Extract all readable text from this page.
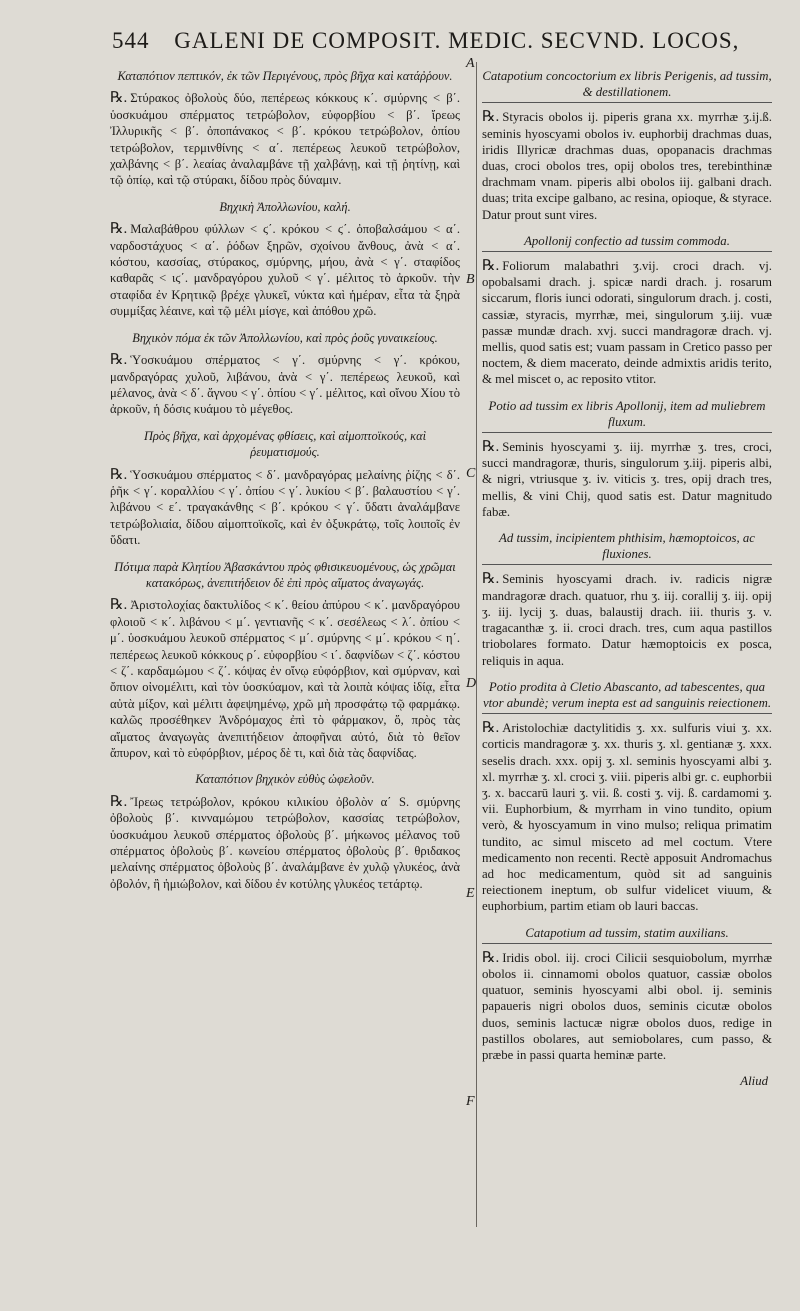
544 GALENI DE COMPOSIT. MEDIC. SECVND. LOCOS,
A
B
C
D
E
F
Καταπότιον πεπτικόν, ἐκ τῶν Περιγένους, πρὸς βῆχα καὶ κατάῤῥουν.
℞. Στύρακος ὀβολοὺς δύο, πεπέρεως κόκκους κ΄. σμύρνης < β΄. ὑοσκυάμου σπέρματος τετρώβολον, εὐφορβίου < β΄. ἴρεως Ἰλλυρικῆς < β΄. ὀποπάνακος < β΄. κρόκου τετρώβολον, ὀπίου τετρώβολον, τερμινθίνης < α΄. πεπέρεως λευκοῦ τετρώβολον, χαλβάνης < β΄. λεαίας ἀναλαμβάνε τῇ χαλβάνῃ, καὶ τῇ ῥητίνῃ, καὶ τῷ ὀπίῳ, καὶ τῷ στύρακι, δίδου πρὸς δύναμιν.
Βηχικὴ Ἀπολλωνίου, καλή.
℞. Μαλαβάθρου φύλλων < ϛ΄. κρόκου < ϛ΄. ὀποβαλσάμου < α΄. ναρδοστάχυος < α΄. ῥόδων ξηρῶν, σχοίνου ἄνθους, ἀνὰ < α΄. κόστου, κασσίας, στύρακος, σμύρνης, μήου, ἀνὰ < γ΄. σταφίδος καθαρᾶς < ιϛ΄. μανδραγόρου χυλοῦ < γ΄. μέλιτος τὸ ἀρκοῦν. τὴν σταφίδα ἐν Κρητικῷ βρέχε γλυκεῖ, νύκτα καὶ ἡμέραν, εἶτα τὰ ξηρὰ συμμίξας λέαινε, καὶ τῷ μέλι μίσγε, καὶ ἀπόθου χρῶ.
Βηχικὸν πόμα ἐκ τῶν Ἀπολλωνίου, καὶ πρὸς ῥοῦς γυναικείους.
℞. Ὑοσκυάμου σπέρματος < γ΄. σμύρνης < γ΄. κρόκου, μανδραγόρας χυλοῦ, λιβάνου, ἀνὰ < γ΄. πεπέρεως λευκοῦ, καὶ μέλανος, ἀνὰ < δ΄. ἄγνου < γ΄. ὀπίου < γ΄. μέλιτος, καὶ οἴνου Χίου τὸ ἀρκοῦν, ἡ δόσις κυάμου τὸ μέγεθος.
Πρὸς βῆχα, καὶ ἀρχομένας φθίσεις, καὶ αἱμοπτοϊκούς, καὶ ῥευματισμούς.
℞. Ὑοσκυάμου σπέρματος < δ΄. μανδραγόρας μελαίνης ῥίζης < δ΄. ῥῆκ < γ΄. κοραλλίου < γ΄. ὀπίου < γ΄. λυκίου < β΄. βαλαυστίου < γ΄. λιβάνου < ε΄. τραγακάνθης < β΄. κρόκου < γ΄. ὕδατι ἀναλάμβανε τετρώβολιαία, δίδου αἱμοπτοϊκοῖς, καὶ ἐν ὀξυκράτῳ, τοῖς λοιποῖς ἐν ὕδατι.
Πότιμα παρὰ Κλητίου Ἀβασκάντου πρὸς φθισικευομένους, ὡς χρῶμαι κατακόρως, ἀνεπιτήδειον δὲ ἐπὶ πρὸς αἵματος ἀναγωγάς.
℞. Ἀριστολοχίας δακτυλίδος < κ΄. θείου ἀπύρου < κ΄. μανδραγόρου φλοιοῦ < κ΄. λιβάνου < μ΄. γεντιανῆς < κ΄. σεσέλεως < λ΄. ὀπίου < μ΄. ὑοσκυάμου λευκοῦ σπέρματος < μ΄. σμύρνης < μ΄. κρόκου < η΄. πεπέρεως λευκοῦ κόκκους ρ΄. εὐφορβίου < ι΄. δαφνίδων < ζ΄. κόστου < ζ΄. καρδαμώμου < ζ΄. κόψας ἐν οἴνῳ εὐφόρβιον, καὶ σμύρναν, καὶ ὄπιον οἰνομέλιτι, καὶ τὸν ὑοσκύαμον, καὶ τὰ λοιπὰ κόψας ἰδίᾳ, εἶτα αὐτὰ μίξον, καὶ μέλιτι ἀφεψημένῳ, χρῶ μὴ προσφάτῳ τῷ φαρμάκῳ. καλῶς προσέθηκεν Ἀνδρόμαχος ἐπὶ τὸ φάρμακον, ὅ, πρὸς τὰς αἵματος ἀναγωγὰς ἀνεπιτήδειον ἀποφῆναι αὐτό, διὰ τὸ θεῖον ἄπυρον, καὶ τὸ εὐφόρβιον, μέρος δὲ τι, καὶ διὰ τὰς δαφνίδας.
Καταπότιον βηχικὸν εὐθὺς ὠφελοῦν.
℞. Ἴρεως τετρώβολον, κρόκου κιλικίου ὀβολὸν α΄ S. σμύρνης ὀβολοὺς β΄. κινναμώμου τετρώβολον, κασσίας τετρώβολον, ὑοσκυάμου λευκοῦ σπέρματος ὀβολοὺς β΄. μήκωνος μέλανος τοῦ σπέρματος ὀβολοὺς β΄. κωνείου σπέρματος ὀβολοὺς β΄. θριδακος μελαίνης σπέρματος ὀβολοὺς β΄. ἀναλάμβανε ἐν χυλῷ γλυκέος, ἀνὰ ὀβολόν, ἢ ἡμιώβολον, καὶ δίδου ἐν κοτύλης γλυκέος τετάρτῳ.
Catapotium concoctorium ex libris Perigenis, ad tussim, & destillationem.
℞. Styracis obolos ij. piperis grana xx. myrrhæ ʒ.ij.ß. seminis hyoscyami obolos iv. euphorbij drachmas duas, iridis Illyricæ drachmas duas, opopanacis drachmas duas, croci obolos tres, opij obolos tres, terebinthinæ drachmam vnam. piperis albi obolos iij. galbani drach. duas; trita excipe galbano, ac resina, opioque, & styrace. Datur prout sunt vires.
Apollonij confectio ad tussim commoda.
℞. Foliorum malabathri ʒ.vij. croci drach. vj. opobalsami drach. j. spicæ nardi drach. j. rosarum siccarum, floris iunci odorati, singulorum drach. j. costi, cassiæ, styracis, myrrhæ, mei, singulorum ʒ.iij. vuæ passæ mundæ drach. xvj. succi mandragoræ drach. vj. mellis, quod satis est; vuam passam in Cretico passo per noctem, & diem macerato, deinde admixtis aridis terito, & mel miscet o, ac reposito vtitor.
Potio ad tussim ex libris Apollonij, item ad muliebrem fluxum.
℞. Seminis hyoscyami ʒ. iij. myrrhæ ʒ. tres, croci, succi mandragoræ, thuris, singulorum ʒ.iij. piperis albi, & nigri, vtriusque ʒ. iv. viticis ʒ. tres, opij drach tres, mellis, & vini Chij, quod satis est. Datur magnitudo fabæ.
Ad tussim, incipientem phthisim, hæmoptoicos, ac fluxiones.
℞. Seminis hyoscyami drach. iv. radicis nigræ mandragoræ drach. quatuor, rhu ʒ. iij. corallij ʒ. iij. opij ʒ. iij. lycij ʒ. duas, balaustij drach. iii. thuris ʒ. v. tragacanthæ ʒ. ii. croci drach. tres, cum aqua pastillos triobolares formato. Datur hæmoptoicis ex posca, reliquis in aqua.
Potio prodita à Cletio Abascanto, ad tabescentes, qua vtor abundè; verum inepta est ad sanguinis reiectionem.
℞. Aristolochiæ dactylitidis ʒ. xx. sulfuris viui ʒ. xx. corticis mandragoræ ʒ. xx. thuris ʒ. xl. gentianæ ʒ. xxx. seselis drach. xxx. opij ʒ. xl. seminis hyoscyami albi ʒ. xl. myrrhæ ʒ. xl. croci ʒ. viii. piperis albi gr. c. euphorbii ʒ. x. baccarū lauri ʒ. vii. ß. costi ʒ. vij. ß. cardamomi ʒ. vii. Euphorbium, & myrrham in vino tundito, opium verò, & hyoscyamum in vino mulso; reliqua primatim tundito, ac simul misceto ad mel coctum. Vtere medicamento non recenti. Rectè apposuit Andromachus ad hoc medicamentum, quòd sit ad sanguinis reiectionem ineptum, ob sulfur videlicet viuum, & euphorbium, partim etiam ob lauri baccas.
Catapotium ad tussim, statim auxilians.
℞. Iridis obol. iij. croci Cilicii sesquiobolum, myrrhæ obolos ii. cinnamomi obolos quatuor, cassiæ obolos quatuor, seminis hyoscyami albi obol. ij. seminis papaueris nigri obolos duos, seminis cicutæ obolos duos, seminis lactucæ nigræ obolos duos, redige in pastillos obolares, aut semiobolares, cum passo, & præbe in passi quarta heminæ parte.
Aliud
